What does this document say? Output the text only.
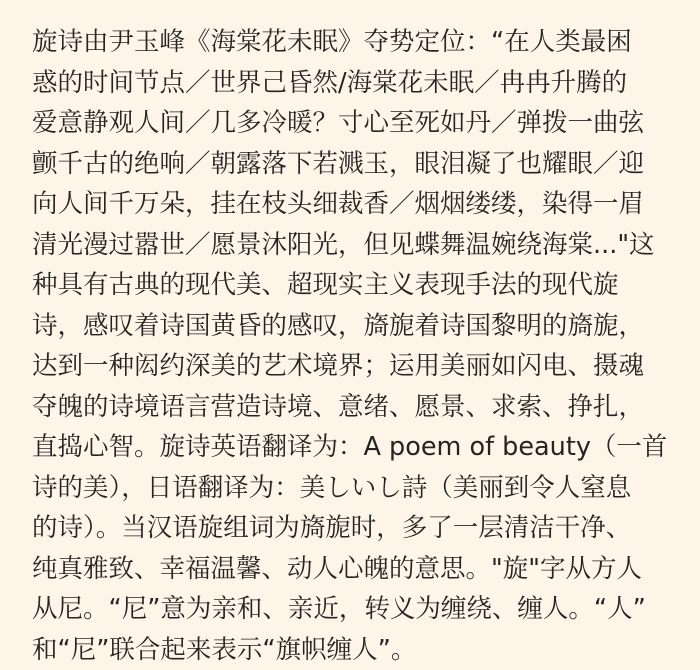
旋诗由尹玉峰《海棠花未眠》夺势定位：“在人类最困
惑的时间节点／世界己昏然/海棠花未眠／冉冉升腾的
爱意静观人间／几多冷暖？寸心至死如丹／弹拨一曲弦
颤千古的绝响／朝露落下若溅玉，眼泪凝了也耀眼／迎
向人间千万朵，挂在枝头细裁香／烟烟缕缕，染得一眉
清光漫过嚣世／愿景沐阳光，但见蝶舞温婉绕海棠..."这
种具有古典的现代美、超现实主义表现手法的现代旋
诗，感叹着诗国黄昏的感叹，旖旎着诗国黎明的旖旎，
达到一种闳约深美的艺术境界；运用美丽如闪电、摄魂
夺魄的诗境语言营造诗境、意绪、愿景、求索、挣扎，
直捣心智。旋诗英语翻译为：A poem of beauty（一首
诗的美），日语翻译为：美しいし詩（美丽到令人窒息
的诗）。当汉语旋组词为旖旎时，多了一层清洁干净、
纯真雅致、幸福温馨、动人心魄的意思。"旋"字从方人
从尼。“尼”意为亲和、亲近，转义为缠绕、缠人。“人”
和“尼”联合起来表示“旗帜缠人”。
